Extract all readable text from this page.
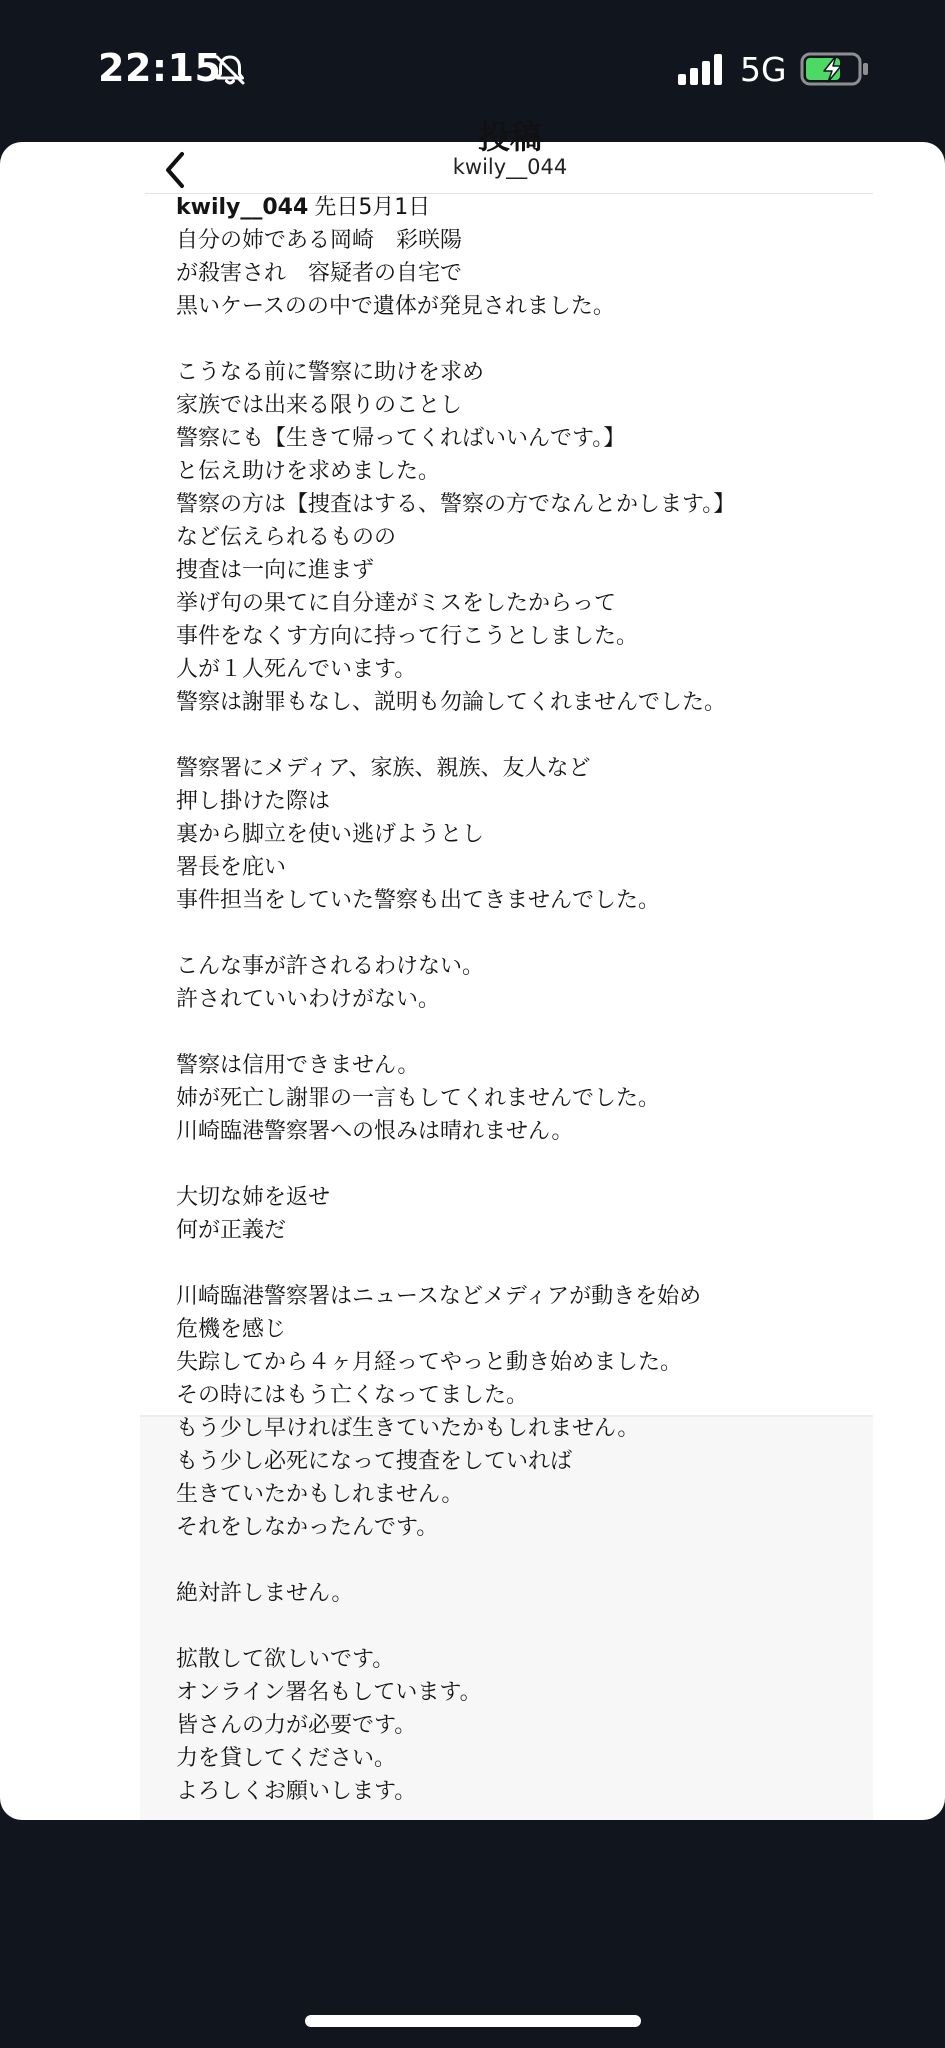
22:15	5G
投稿
kwily__044
kwily__044 先日5月1日
自分の姉である岡崎　彩咲陽
が殺害され　容疑者の自宅で
黒いケースのの中で遺体が発見されました。
こうなる前に警察に助けを求め
家族では出来る限りのことし
警察にも【生きて帰ってくればいいんです。】
と伝え助けを求めました。
警察の方は【捜査はする、警察の方でなんとかします。】
など伝えられるものの
捜査は一向に進まず
挙げ句の果てに自分達がミスをしたからって
事件をなくす方向に持って行こうとしました。
人が１人死んでいます。
警察は謝罪もなし、説明も勿論してくれませんでした。
警察署にメディア、家族、親族、友人など
押し掛けた際は
裏から脚立を使い逃げようとし
署長を庇い
事件担当をしていた警察も出てきませんでした。
こんな事が許されるわけない。
許されていいわけがない。
警察は信用できません。
姉が死亡し謝罪の一言もしてくれませんでした。
川崎臨港警察署への恨みは晴れません。
大切な姉を返せ
何が正義だ
川崎臨港警察署はニュースなどメディアが動きを始め
危機を感じ
失踪してから４ヶ月経ってやっと動き始めました。
その時にはもう亡くなってました。
もう少し早ければ生きていたかもしれません。
もう少し必死になって捜査をしていれば
生きていたかもしれません。
それをしなかったんです。
絶対許しません。
拡散して欲しいです。
オンライン署名もしています。
皆さんの力が必要です。
力を貸してください。
よろしくお願いします。
